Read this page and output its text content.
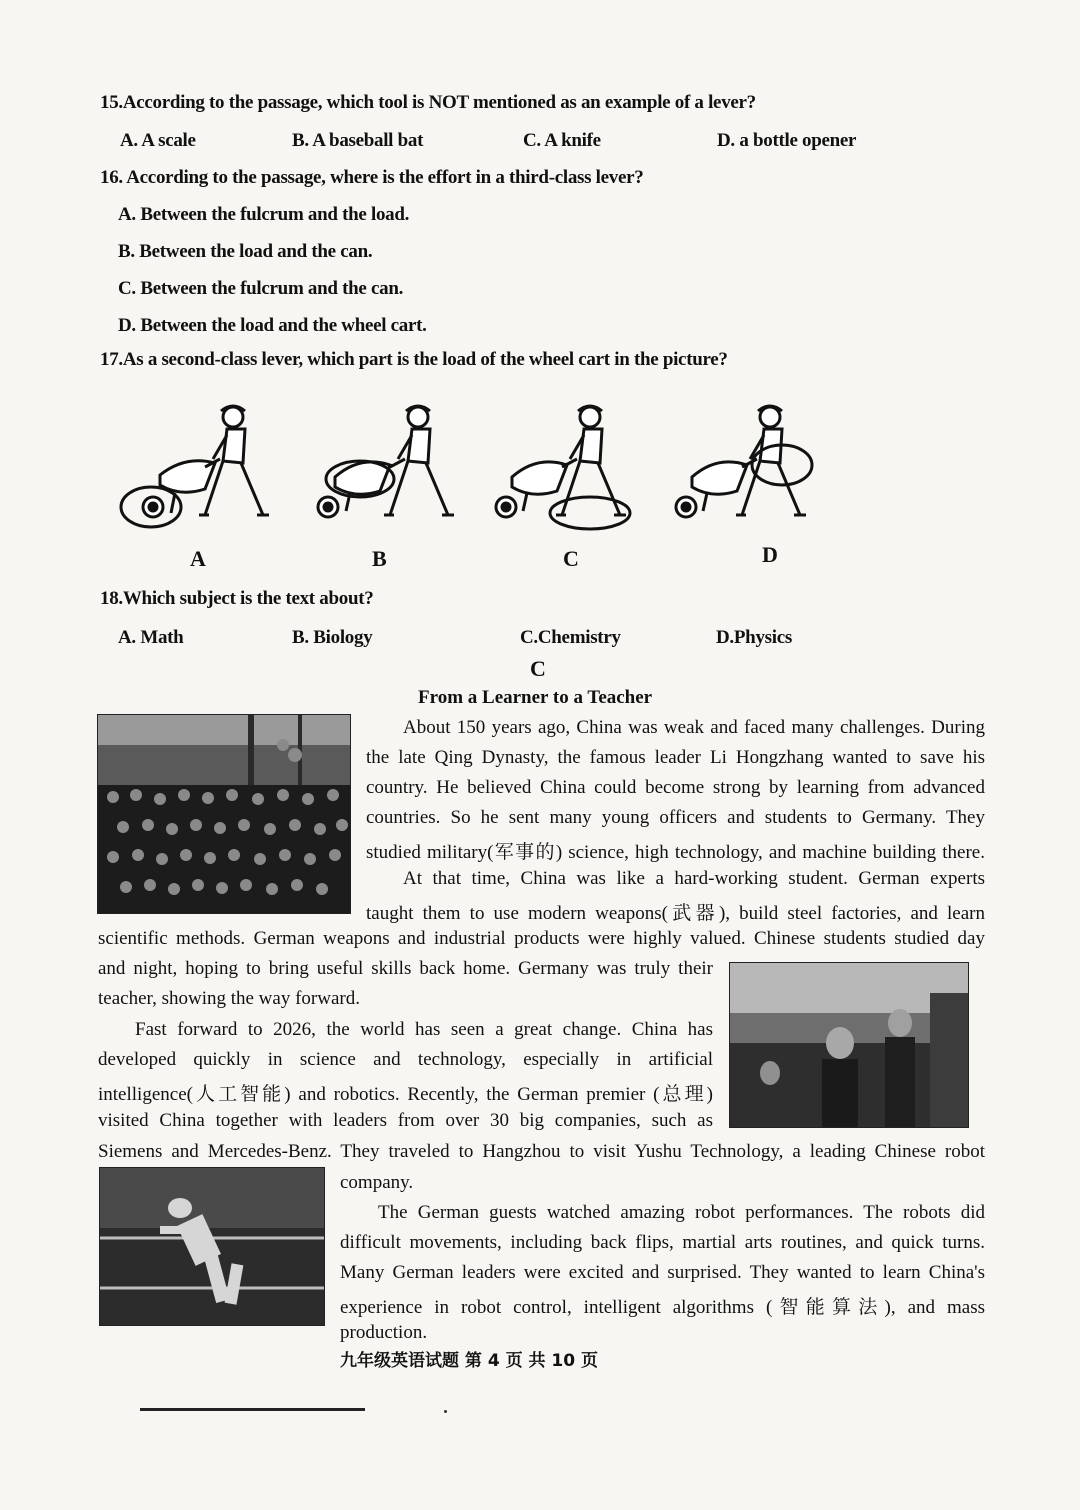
15.According to the passage, which tool is NOT mentioned as an example of a lever?
A. A scale	B. A baseball bat	C. A knife	D. a bottle opener
16. According to the passage, where is the effort in a third-class lever?
A. Between the fulcrum and the load.
B. Between the load and the can.
C. Between the fulcrum and the can.
D. Between the load and the wheel cart.
17.As a second-class lever, which part is the load of the wheel cart in the picture?
A	B	C	D
18.Which subject is the text about?
A. Math	B. Biology	C.Chemistry	D.Physics
C
From a Learner to a Teacher
About 150 years ago, China was weak and faced many challenges. During
the late Qing Dynasty, the famous leader Li Hongzhang wanted to save his
country. He believed China could become strong by learning from advanced
countries. So he sent many young officers and students to Germany. They
studied military(军事的) science, high technology, and machine building there.
At that time, China was like a hard-working student. German experts
taught them to use modern weapons(武器), build steel factories, and learn
scientific methods. German weapons and industrial products were highly valued. Chinese students studied day
and night, hoping to bring useful skills back home. Germany was truly their
teacher, showing the way forward.
Fast forward to 2026, the world has seen a great change. China has
developed quickly in science and technology, especially in artificial
intelligence(人工智能) and robotics. Recently, the German premier (总理)
visited China together with leaders from over 30 big companies, such as
Siemens and Mercedes-Benz. They traveled to Hangzhou to visit Yushu Technology, a leading Chinese robot
company.
The German guests watched amazing robot performances. The robots did
difficult movements, including back flips, martial arts routines, and quick turns.
Many German leaders were excited and surprised. They wanted to learn China's
experience in robot control, intelligent algorithms (智能算法), and mass
production.
九年级英语试题 第 4 页 共 10 页
